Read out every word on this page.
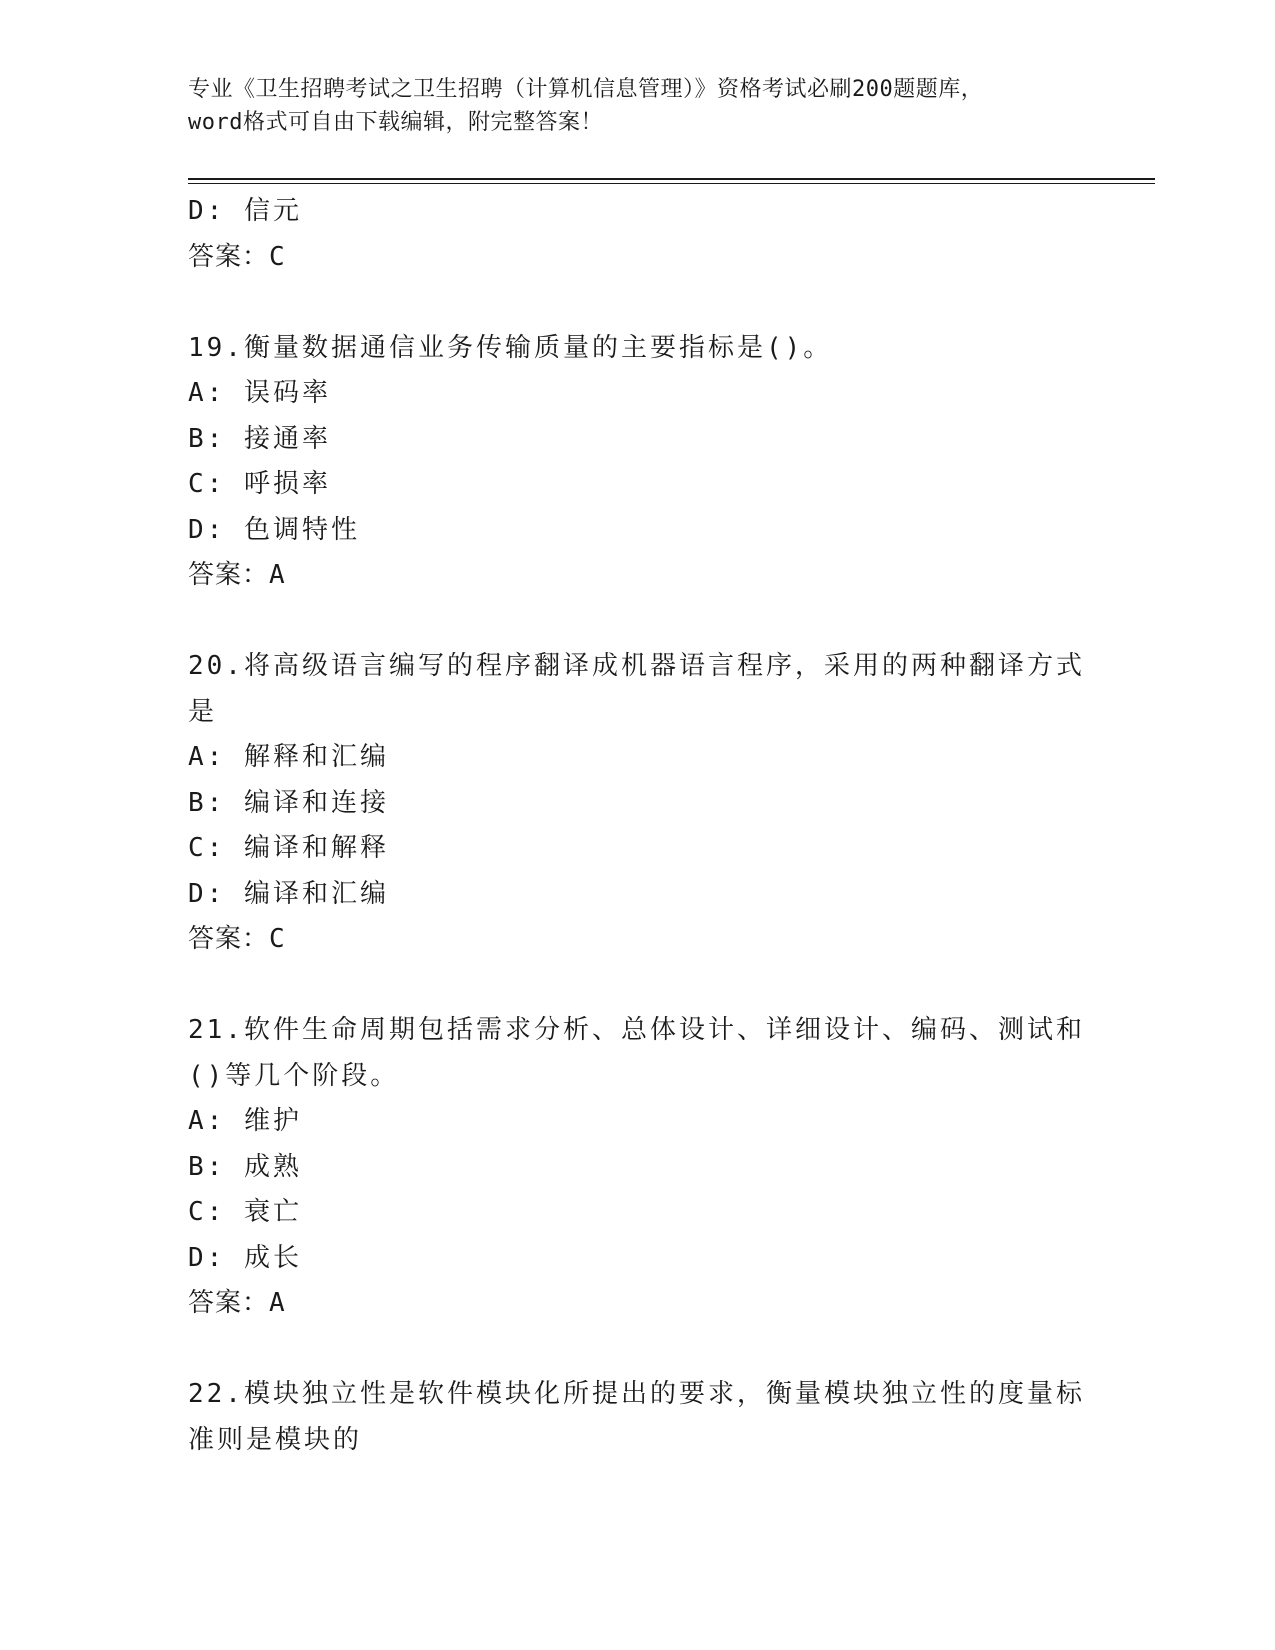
专业《卫生招聘考试之卫生招聘（计算机信息管理）》资格考试必刷200题题库，
word格式可自由下载编辑，附完整答案！
D: 信元
答案：C
19.衡量数据通信业务传输质量的主要指标是()。
A: 误码率
B: 接通率
C: 呼损率
D: 色调特性
答案：A
20.将高级语言编写的程序翻译成机器语言程序，采用的两种翻译方式
是
A: 解释和汇编
B: 编译和连接
C: 编译和解释
D: 编译和汇编
答案：C
21.软件生命周期包括需求分析、总体设计、详细设计、编码、测试和
()等几个阶段。
A: 维护
B: 成熟
C: 衰亡
D: 成长
答案：A
22.模块独立性是软件模块化所提出的要求，衡量模块独立性的度量标
准则是模块的
